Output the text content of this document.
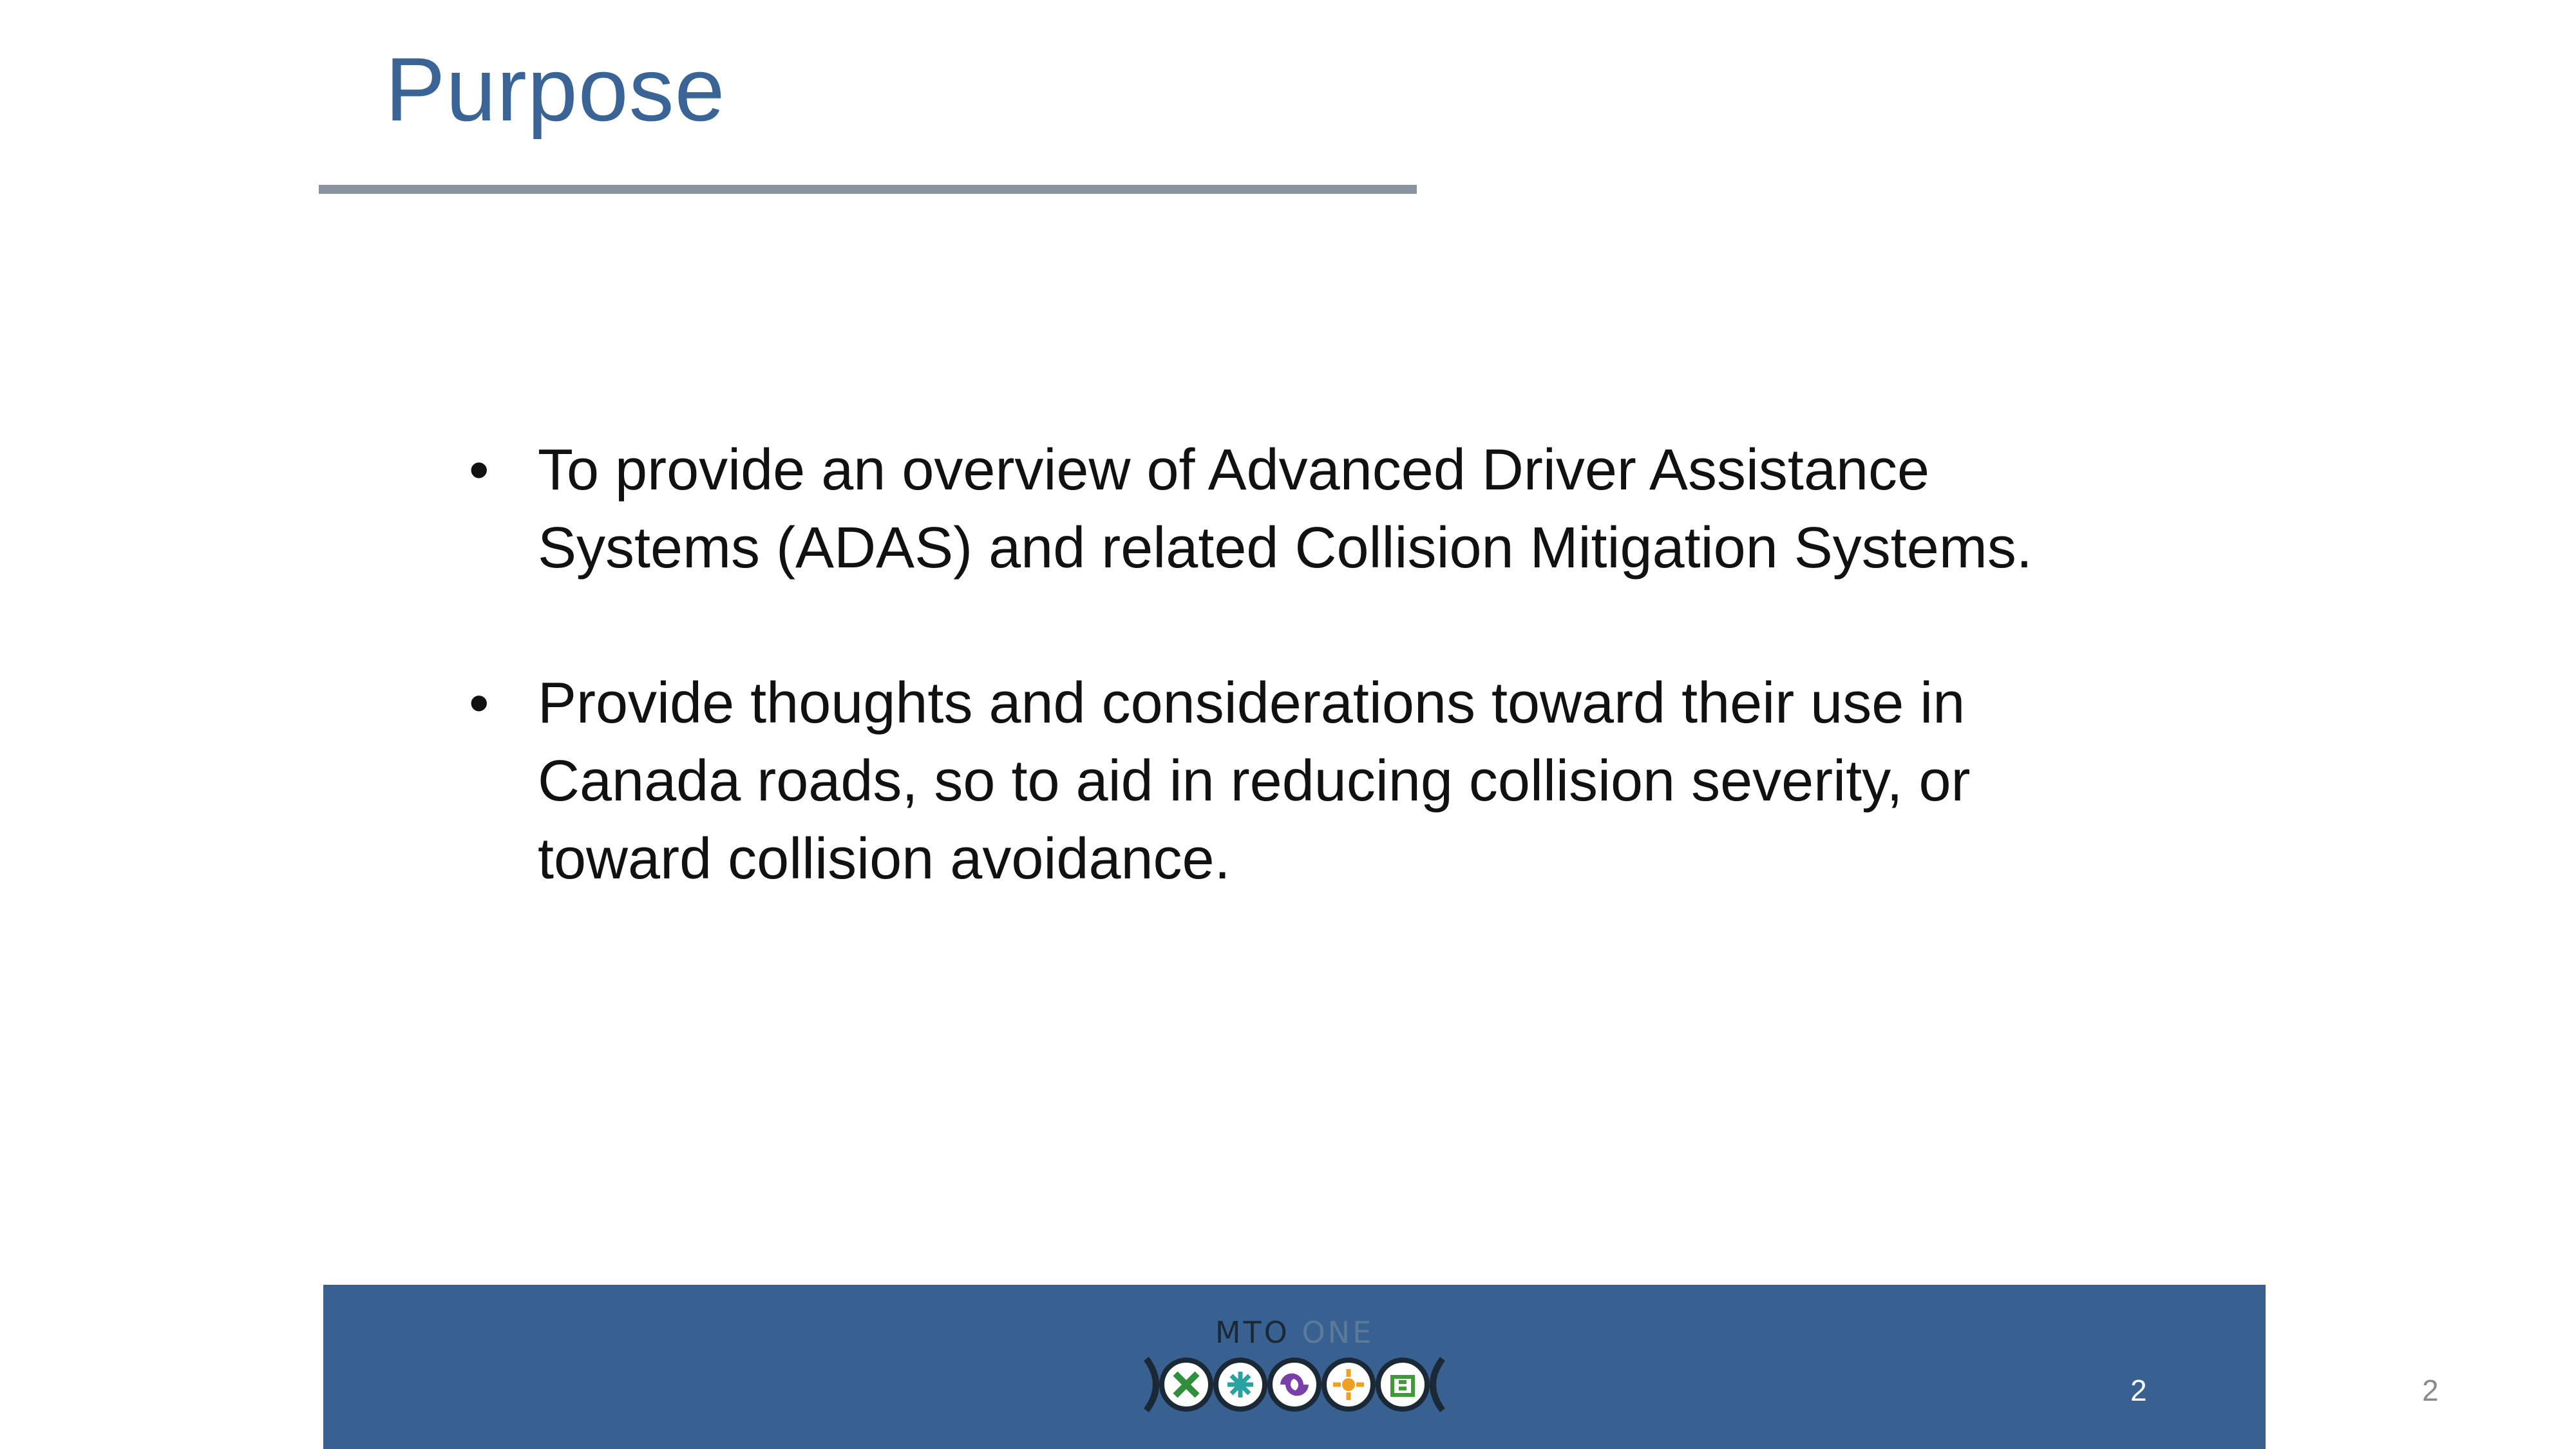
Purpose
• To provide an overview of Advanced Driver Assistance
Systems (ADAS) and related Collision Mitigation Systems.
• Provide thoughts and considerations toward their use in
Canada roads, so to aid in reducing collision severity, or
toward collision avoidance.
MTO ONE
2	2
